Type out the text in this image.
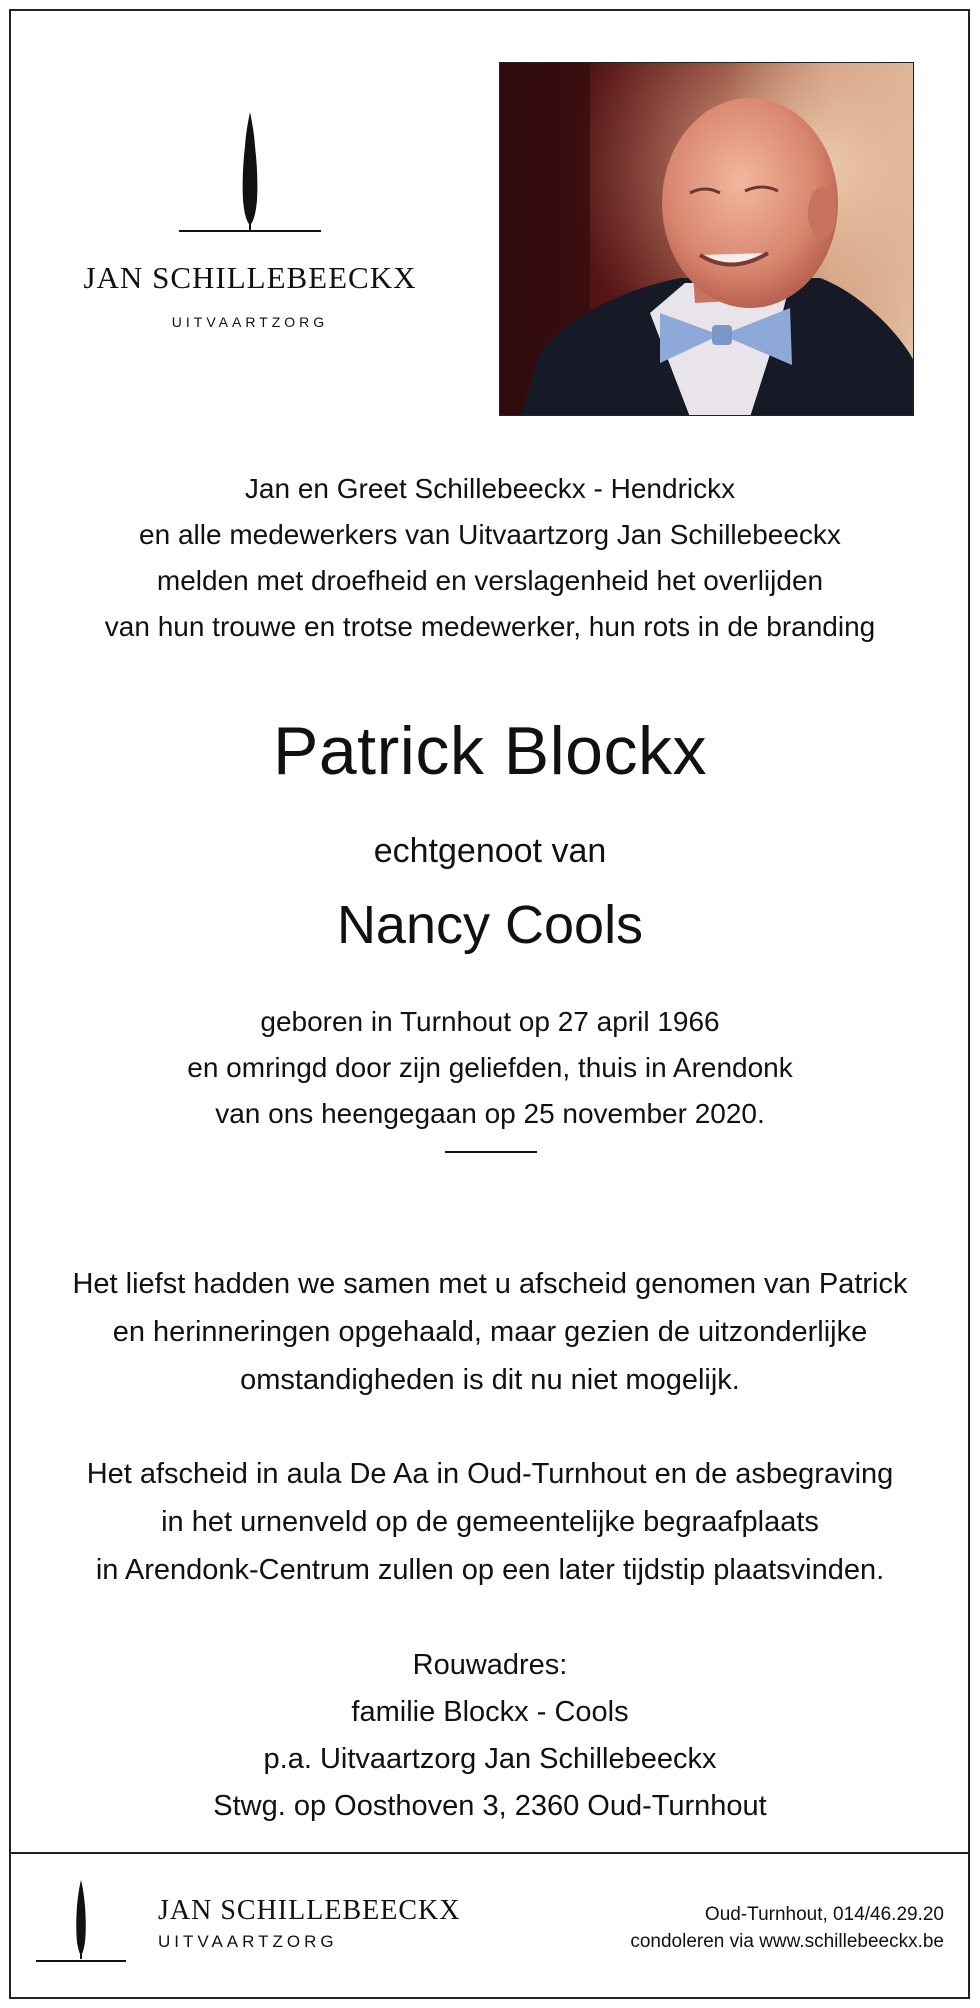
JAN SCHILLEBEECKX
UITVAARTZORG
Jan en Greet Schillebeeckx - Hendrickx
en alle medewerkers van Uitvaartzorg Jan Schillebeeckx
melden met droefheid en verslagenheid het overlijden
van hun trouwe en trotse medewerker, hun rots in de branding
Patrick Blockx
echtgenoot van
Nancy Cools
geboren in Turnhout op 27 april 1966
en omringd door zijn geliefden, thuis in Arendonk
van ons heengegaan op 25 november 2020.
Het liefst hadden we samen met u afscheid genomen van Patrick
en herinneringen opgehaald, maar gezien de uitzonderlijke
omstandigheden is dit nu niet mogelijk.
Het afscheid in aula De Aa in Oud-Turnhout en de asbegraving
in het urnenveld op de gemeentelijke begraafplaats
in Arendonk-Centrum zullen op een later tijdstip plaatsvinden.
Rouwadres:
familie Blockx - Cools
p.a. Uitvaartzorg Jan Schillebeeckx
Stwg. op Oosthoven 3, 2360 Oud-Turnhout
JAN SCHILLEBEECKX
UITVAARTZORG
Oud-Turnhout, 014/46.29.20
condoleren via www.schillebeeckx.be
